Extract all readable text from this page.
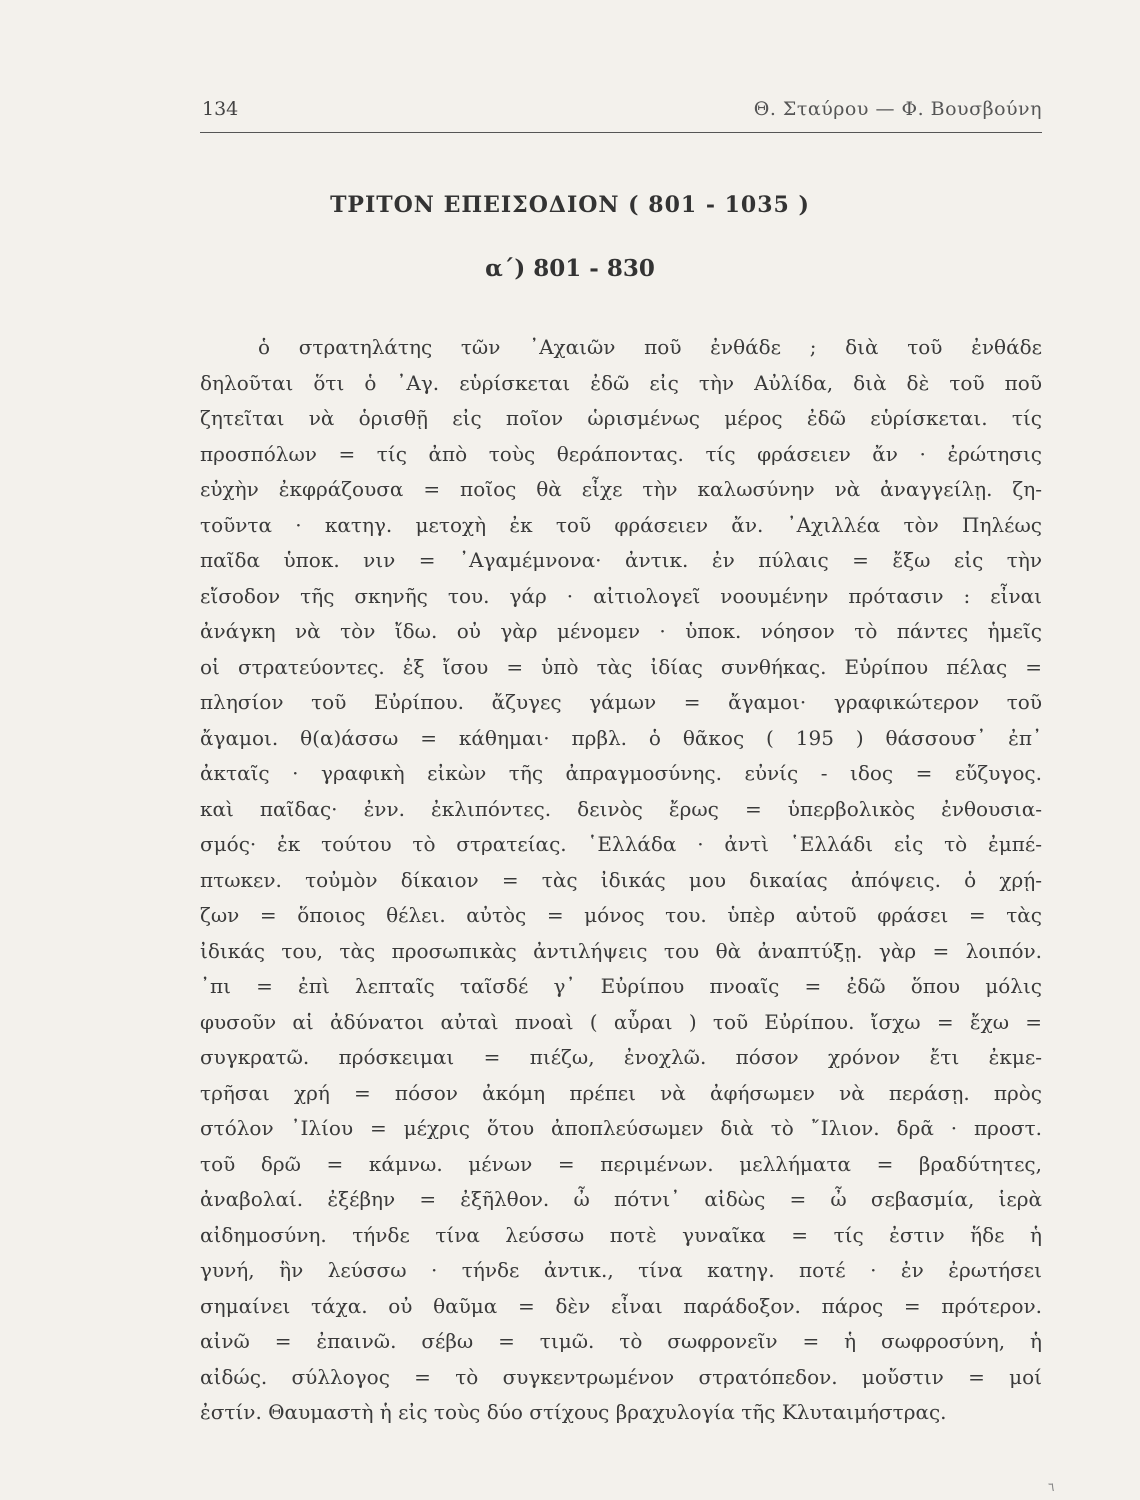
134	Θ. Σταύρου — Φ. Βουσβούνη
ΤΡΙΤΟΝ ΕΠΕΙΣΟΔΙΟΝ ( 801 - 1035 )
α΄) 801 - 830
ὁ στρατηλάτης τῶν ᾿Αχαιῶν ποῦ ἐνθάδε ; διὰ τοῦ ἐνθάδε
δηλοῦται ὅτι ὁ ᾿Αγ. εὑρίσκεται ἐδῶ εἰς τὴν Αὐλίδα, διὰ δὲ τοῦ ποῦ
ζητεῖται νὰ ὁρισθῇ εἰς ποῖον ὡρισμένως μέρος ἐδῶ εὑρίσκεται. τίς
προσπόλων = τίς ἀπὸ τοὺς θεράποντας. τίς φράσειεν ἄν · ἐρώτησις
εὐχὴν ἐκφράζουσα = ποῖος θὰ εἶχε τὴν καλωσύνην νὰ ἀναγγείλῃ. ζη-
τοῦντα · κατηγ. μετοχὴ ἐκ τοῦ φράσειεν ἄν. ᾿Αχιλλέα τὸν Πηλέως
παῖδα ὑποκ. νιν = ᾿Αγαμέμνονα· ἀντικ. ἐν πύλαις = ἔξω εἰς τὴν
εἴσοδον τῆς σκηνῆς του. γάρ · αἰτιολογεῖ νοουμένην πρότασιν : εἶναι
ἀνάγκη νὰ τὸν ἴδω. οὐ γὰρ μένομεν · ὑποκ. νόησον τὸ πάντες ἡμεῖς
οἱ στρατεύοντες. ἐξ ἴσου = ὑπὸ τὰς ἰδίας συνθήκας. Εὐρίπου πέλας =
πλησίον τοῦ Εὐρίπου. ἄζυγες γάμων = ἄγαμοι· γραφικώτερον τοῦ
ἄγαμοι. θ(α)άσσω = κάθημαι· πρβλ. ὁ θᾶκος ( 195 ) θάσσουσ᾿ ἐπ᾿
ἀκταῖς · γραφικὴ εἰκὼν τῆς ἀπραγμοσύνης. εὐνίς - ιδος = εὔζυγος.
καὶ παῖδας· ἐνν. ἐκλιπόντες. δεινὸς ἔρως = ὑπερβολικὸς ἐνθουσια-
σμός· ἐκ τούτου τὸ στρατείας. ῾Ελλάδα · ἀντὶ ῾Ελλάδι εἰς τὸ ἐμπέ-
πτωκεν. τοὐμὸν δίκαιον = τὰς ἰδικάς μου δικαίας ἀπόψεις. ὁ χρῄ-
ζων = ὅποιος θέλει. αὐτὸς = μόνος του. ὑπὲρ αὑτοῦ φράσει = τὰς
ἰδικάς του, τὰς προσωπικὰς ἀντιλήψεις του θὰ ἀναπτύξῃ. γὰρ = λοιπόν.
᾿πι = ἐπὶ λεπταῖς ταῖσδέ γ᾿ Εὐρίπου πνοαῖς = ἐδῶ ὅπου μόλις
φυσοῦν αἱ ἀδύνατοι αὐταὶ πνοαὶ ( αὖραι ) τοῦ Εὐρίπου. ἴσχω = ἔχω =
συγκρατῶ. πρόσκειμαι = πιέζω, ἐνοχλῶ. πόσον χρόνον ἔτι ἐκμε-
τρῆσαι χρή = πόσον ἀκόμη πρέπει νὰ ἀφήσωμεν νὰ περάσῃ. πρὸς
στόλον ᾿Ιλίου = μέχρις ὅτου ἀποπλεύσωμεν διὰ τὸ ῎Ιλιον. δρᾶ · προστ.
τοῦ δρῶ = κάμνω. μένων = περιμένων. μελλήματα = βραδύτητες,
ἀναβολαί. ἐξέβην = ἐξῆλθον. ὦ πότνι᾿ αἰδὼς = ὦ σεβασμία, ἱερὰ
αἰδημοσύνη. τήνδε τίνα λεύσσω ποτὲ γυναῖκα = τίς ἐστιν ἥδε ἡ
γυνή, ἣν λεύσσω · τήνδε ἀντικ., τίνα κατηγ. ποτέ · ἐν ἐρωτήσει
σημαίνει τάχα. οὐ θαῦμα = δὲν εἶναι παράδοξον. πάρος = πρότερον.
αἰνῶ = ἐπαινῶ. σέβω = τιμῶ. τὸ σωφρονεῖν = ἡ σωφροσύνη, ἡ
αἰδώς. σύλλογος = τὸ συγκεντρωμένον στρατόπεδον. μοὔστιν = μοί
ἐστίν. Θαυμαστὴ ἡ εἰς τοὺς δύο στίχους βραχυλογία τῆς Κλυταιμήστρας.
٦
